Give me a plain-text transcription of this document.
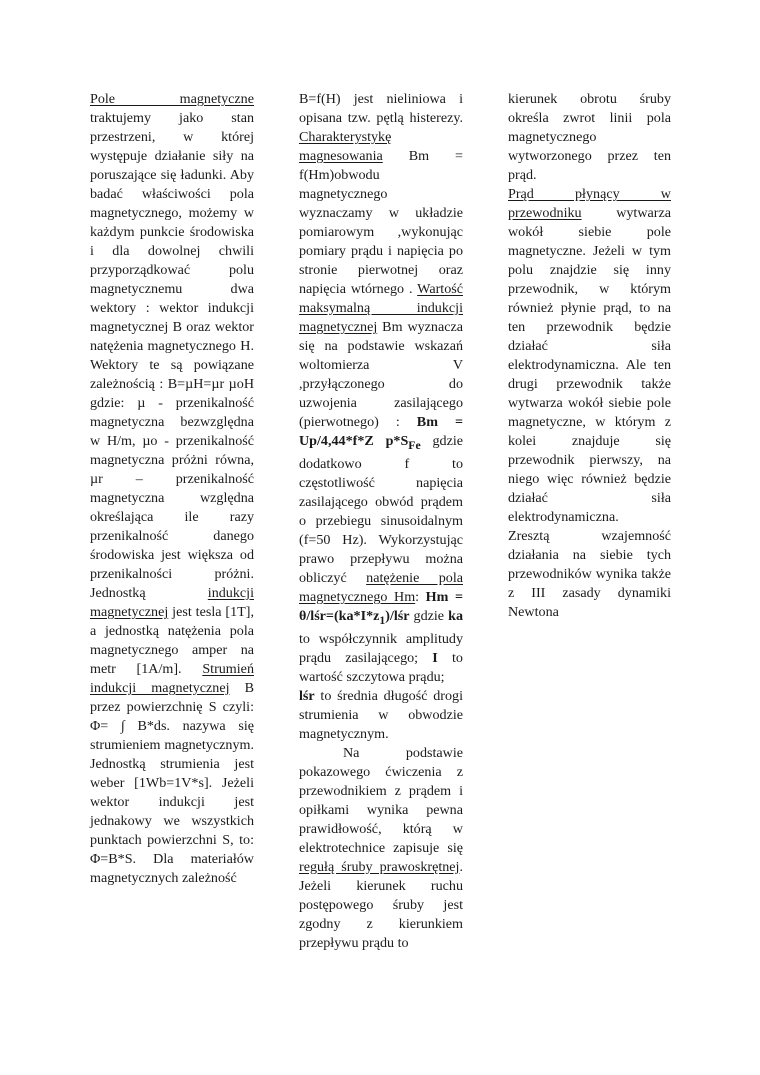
Pole magnetyczne traktujemy jako stan przestrzeni, w której występuje działanie siły na poruszające się ładunki. Aby badać właściwości pola magnetycznego, możemy w każdym punkcie środowiska i dla dowolnej chwili przyporządkować polu magnetycznemu dwa wektory : wektor indukcji magnetycznej B oraz wektor natężenia magnetycznego H. Wektory te są powiązane zależnością : B=µH=µr µoH gdzie: µ - przenikalność magnetyczna bezwzględna w H/m, µo - przenikalność magnetyczna próżni równa, µr – przenikalność magnetyczna względna określająca ile razy przenikalność danego środowiska jest większa od przenikalności próżni. Jednostką indukcji magnetycznej jest tesla [1T], a jednostką natężenia pola magnetycznego amper na metr [1A/m]. Strumień indukcji magnetycznej B przez powierzchnię S czyli: Φ= ∫ B*ds. nazywa się strumieniem magnetycznym. Jednostką strumienia jest weber [1Wb=1V*s]. Jeżeli wektor indukcji jest jednakowy we wszystkich punktach powierzchni S, to: Φ=B*S. Dla materiałów magnetycznych zależność

B=f(H) jest nieliniowa i opisana tzw. pętlą histerezy. Charakterystykę magnesowania Bm = f(Hm)obwodu magnetycznego wyznaczamy w układzie pomiarowym ,wykonując pomiary prądu i napięcia po stronie pierwotnej oraz napięcia wtórnego . Wartość maksymalną indukcji magnetycznej Bm wyznacza się na podstawie wskazań woltomierza V ,przyłączonego do uzwojenia zasilającego (pierwotnego) : Bm = Up/4,44*f*Z $p*S_{Fe}$ gdzie dodatkowo f to częstotliwość napięcia zasilającego obwód prądem o przebiegu sinusoidalnym (f=50 Hz). Wykorzystując prawo przepływu można obliczyć natężenie pola magnetycznego Hm: $Hm = \theta/lśr=(ka*I*z_1)$/lśr gdzie ka to współczynnik amplitudy prądu zasilającego; I to wartość szczytowa prądu;

lśr to średnia długość drogi strumienia w obwodzie magnetycznym.

Na podstawie pokazowego ćwiczenia z przewodnikiem z prądem i opiłkami wynika pewna prawidłowość, którą w elektrotechnice zapisuje się regułą śruby prawoskrętnej. Jeżeli kierunek ruchu postępowego śruby jest zgodny z kierunkiem przepływu prądu to

kierunek obrotu śruby określa zwrot linii pola magnetycznego wytworzonego przez ten prąd.

Prąd płynący w przewodniku wytwarza wokół siebie pole magnetyczne. Jeżeli w tym polu znajdzie się inny przewodnik, w którym również płynie prąd, to na ten przewodnik będzie działać siła elektrodynamiczna. Ale ten drugi przewodnik także wytwarza wokół siebie pole magnetyczne, w którym z kolei znajduje się przewodnik pierwszy, na niego więc również będzie działać siła elektrodynamiczna.

Zresztą wzajemność działania na siebie tych przewodników wynika także z III zasady dynamiki Newtona
